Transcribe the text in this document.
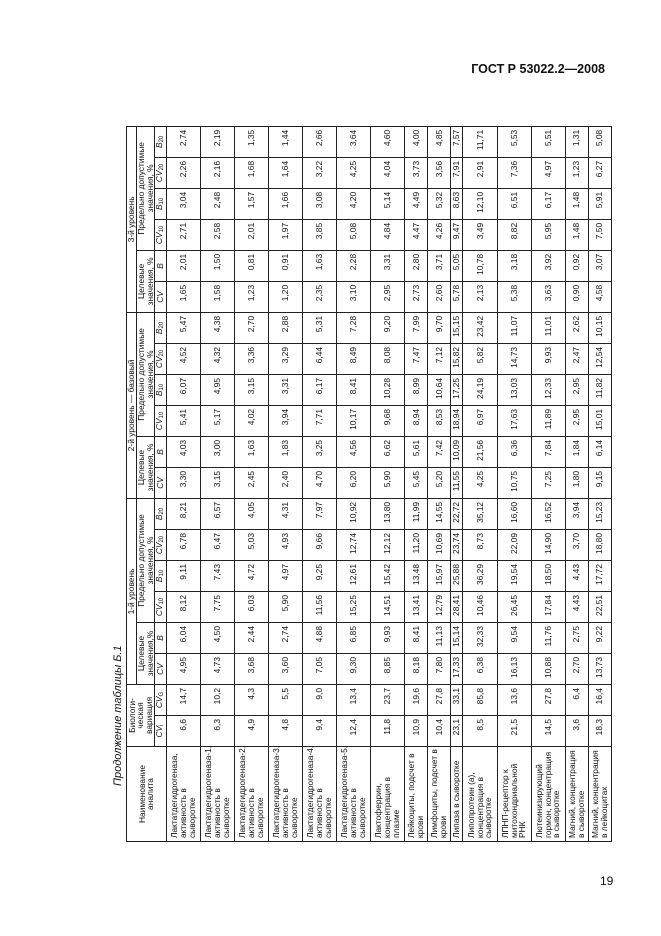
ГОСТ Р 53022.2—2008
Продолжение таблицы Б.1
Наименование аналита	Биологи-ческая вариация		1-й уровень						2-й уровень — базовый						3-й уровень					
			Целевые значения,%		Предельно допустимые значения, %				Целевые значения, %		Предельно допустимые значения, %				Целевые значения, %		Предельно допустимые значения, %			
	$CV_i$	$CV_G$	CV	B	$CV_{10}$	$B_{10}$	$CV_{20}$	$B_{20}$	CV	B	$CV_{10}$	$B_{10}$	$CV_{20}$	$B_{20}$	CV	B	$CV_{10}$	$B_{10}$	$CV_{20}$	$B_{20}$
Лактатдегидрогеназа, активность в сыворотке	6,6	14,7	4,95	6,04	8,12	9,11	6,78	8,21	3,30	4,03	5,41	6,07	4,52	5,47	1,65	2,01	2,71	3,04	2,26	2,74
Лактатдегидрогеназа-1, активность в сыворотке	6,3	10,2	4,73	4,50	7,75	7,43	6,47	6,57	3,15	3,00	5,17	4,95	4,32	4,38	1,58	1,50	2,58	2,48	2,16	2,19
Лактатдегидрогеназа-2, активность в сыворотке	4,9	4,3	3,68	2,44	6,03	4,72	5,03	4,05	2,45	1,63	4,02	3,15	3,36	2,70	1,23	0,81	2,01	1,57	1,68	1,35
Лактатдегидрогеназа-3, активность в сыворотке	4,8	5,5	3,60	2,74	5,90	4,97	4,93	4,31	2,40	1,83	3,94	3,31	3,29	2,88	1,20	0,91	1,97	1,66	1,64	1,44
Лактатдегидрогеназа-4, активность в сыворотке	9,4	9,0	7,05	4,88	11,56	9,25	9,66	7,97	4,70	3,25	7,71	6,17	6,44	5,31	2,35	1,63	3,85	3,08	3,22	2,66
Лактатдегидрогеназа-5, активность в сыворотке	12,4	13,4	9,30	6,85	15,25	12,61	12,74	10,92	6,20	4,56	10,17	8,41	8,49	7,28	3,10	2,28	5,08	4,20	4,25	3,64
Лактоферрин, концентрация в плазме	11,8	23,7	8,85	9,93	14,51	15,42	12,12	13,80	5,90	6,62	9,68	10,28	8,08	9,20	2,95	3,31	4,84	5,14	4,04	4,60
Лейкоциты, подсчет в крови	10,9	19,6	8,18	8,41	13,41	13,48	11,20	11,99	5,45	5,61	8,94	8,99	7,47	7,99	2,73	2,80	4,47	4,49	3,73	4,00
Лимфоциты, подсчет в крови	10,4	27,8	7,80	11,13	12,79	15,97	10,69	14,55	5,20	7,42	8,53	10,64	7,12	9,70	2,60	3,71	4,26	5,32	3,56	4,85
Липаза в сыворотке	23,1	33,1	17,33	15,14	28,41	25,88	23,74	22,72	11,55	10,09	18,94	17,25	15,82	15,15	5,78	5,05	9,47	8,63	7,91	7,57
Липопротеин (а), концентрация в сыворотке	8,5	85,8	6,38	32,33	10,46	36,29	8,73	35,12	4,25	21,56	6,97	24,19	5,82	23,42	2,13	10,78	3,49	12,10	2,91	11,71
ЛПНП-рецептор к митохондриальной РНК	21,5	13,6	16,13	9,54	26,45	19,54	22,09	16,60	10,75	6,36	17,63	13,03	14,73	11,07	5,38	3,18	8,82	6,51	7,36	5,53
Лютеинизирующий гормон, концентрация в сыворотке	14,5	27,8	10,88	11,76	17,84	18,50	14,90	16,52	7,25	7,84	11,89	12,33	9,93	11,01	3,63	3,92	5,95	6,17	4,97	5,51
Магний, концентрация в сыворотке	3,6	6,4	2,70	2,75	4,43	4,43	3,70	3,94	1,80	1,84	2,95	2,95	2,47	2,62	0,90	0,92	1,48	1,48	1,23	1,31
Магний, концентрация в лейкоцитах	18,3	16,4	13,73	9,22	22,51	17,72	18,80	15,23	9,15	6,14	15,01	11,82	12,54	10,15	4,58	3,07	7,50	5,91	6,27	5,08
19
